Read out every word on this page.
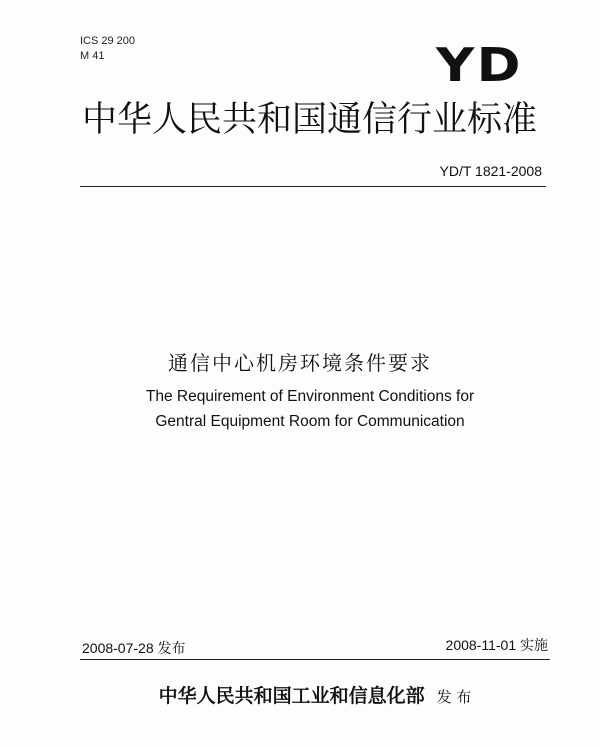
ICS 29 200
M 41	YD
中华人民共和国通信行业标准
YD/T 1821-2008
通信中心机房环境条件要求
The Requirement of Environment Conditions for
Gentral Equipment Room for Communication
2008-07-28 发布	2008-11-01 实施
中华人民共和国工业和信息化部 发 布
